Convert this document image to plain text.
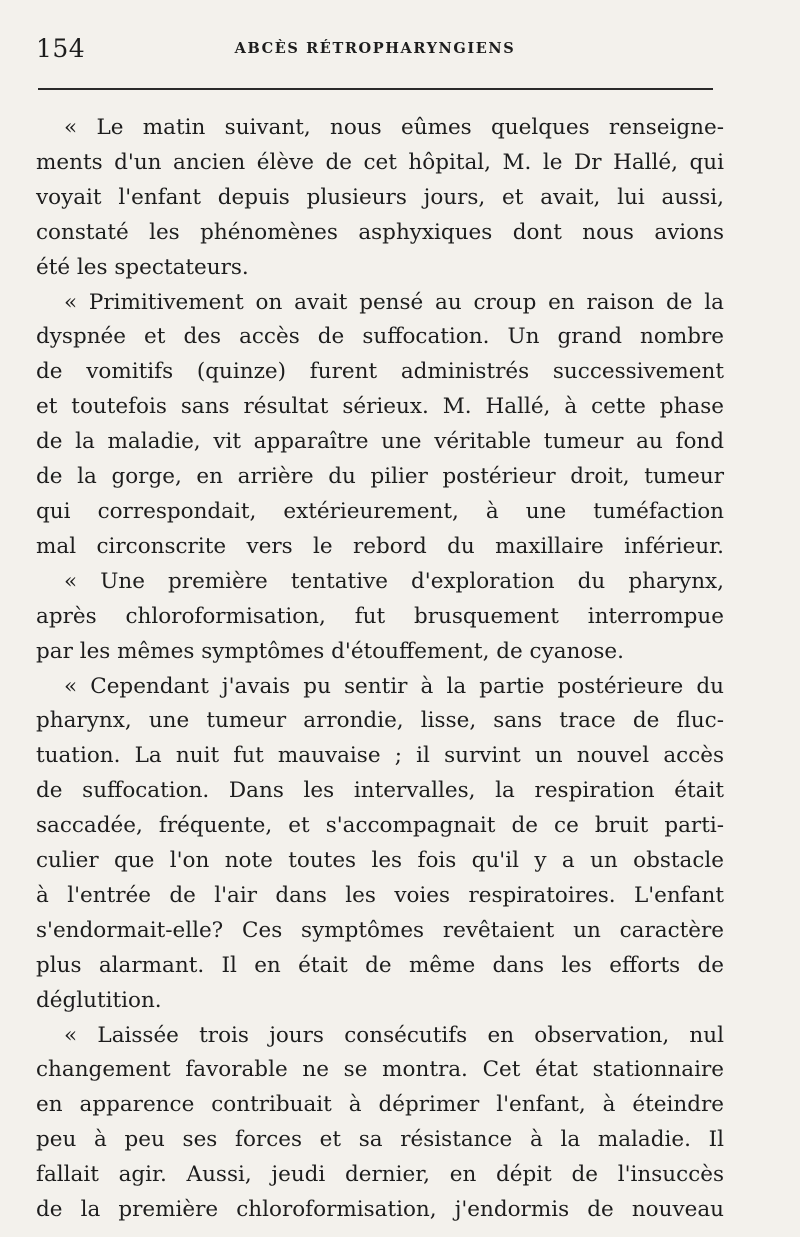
154	ABCÈS RÉTROPHARYNGIENS
« Le matin suivant, nous eûmes quelques renseigne-
ments d'un ancien élève de cet hôpital, M. le Dr Hallé, qui
voyait l'enfant depuis plusieurs jours, et avait, lui aussi,
constaté les phénomènes asphyxiques dont nous avions
été les spectateurs.
« Primitivement on avait pensé au croup en raison de la
dyspnée et des accès de suffocation. Un grand nombre
de vomitifs (quinze) furent administrés successivement
et toutefois sans résultat sérieux. M. Hallé, à cette phase
de la maladie, vit apparaître une véritable tumeur au fond
de la gorge, en arrière du pilier postérieur droit, tumeur
qui correspondait, extérieurement, à une tuméfaction
mal circonscrite vers le rebord du maxillaire inférieur.
« Une première tentative d'exploration du pharynx,
après chloroformisation, fut brusquement interrompue
par les mêmes symptômes d'étouffement, de cyanose.
« Cependant j'avais pu sentir à la partie postérieure du
pharynx, une tumeur arrondie, lisse, sans trace de fluc-
tuation. La nuit fut mauvaise ; il survint un nouvel accès
de suffocation. Dans les intervalles, la respiration était
saccadée, fréquente, et s'accompagnait de ce bruit parti-
culier que l'on note toutes les fois qu'il y a un obstacle
à l'entrée de l'air dans les voies respiratoires. L'enfant
s'endormait-elle? Ces symptômes revêtaient un caractère
plus alarmant. Il en était de même dans les efforts de
déglutition.
« Laissée trois jours consécutifs en observation, nul
changement favorable ne se montra. Cet état stationnaire
en apparence contribuait à déprimer l'enfant, à éteindre
peu à peu ses forces et sa résistance à la maladie. Il
fallait agir. Aussi, jeudi dernier, en dépit de l'insuccès
de la première chloroformisation, j'endormis de nouveau
